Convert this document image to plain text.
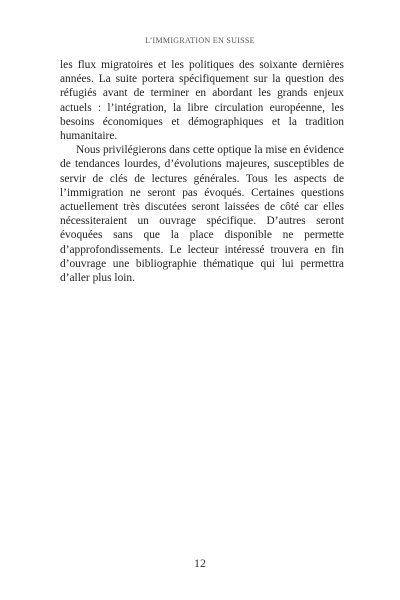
L’IMMIGRATION EN SUISSE

les flux migratoires et les politiques des soixante dernières années. La suite portera spécifiquement sur la question des réfugiés avant de terminer en abordant les grands enjeux actuels : l’intégration, la libre circulation européenne, les besoins économiques et démographiques et la tradition humanitaire.

Nous privilégierons dans cette optique la mise en évidence de tendances lourdes, d’évolutions majeures, susceptibles de servir de clés de lectures générales. Tous les aspects de l’immigration ne seront pas évoqués. Certaines questions actuellement très discutées seront laissées de côté car elles nécessiteraient un ouvrage spécifique. D’autres seront évoquées sans que la place disponible ne permette d’approfondissements. Le lecteur intéressé trouvera en fin d’ouvrage une bibliographie thématique qui lui permettra d’aller plus loin.

12
